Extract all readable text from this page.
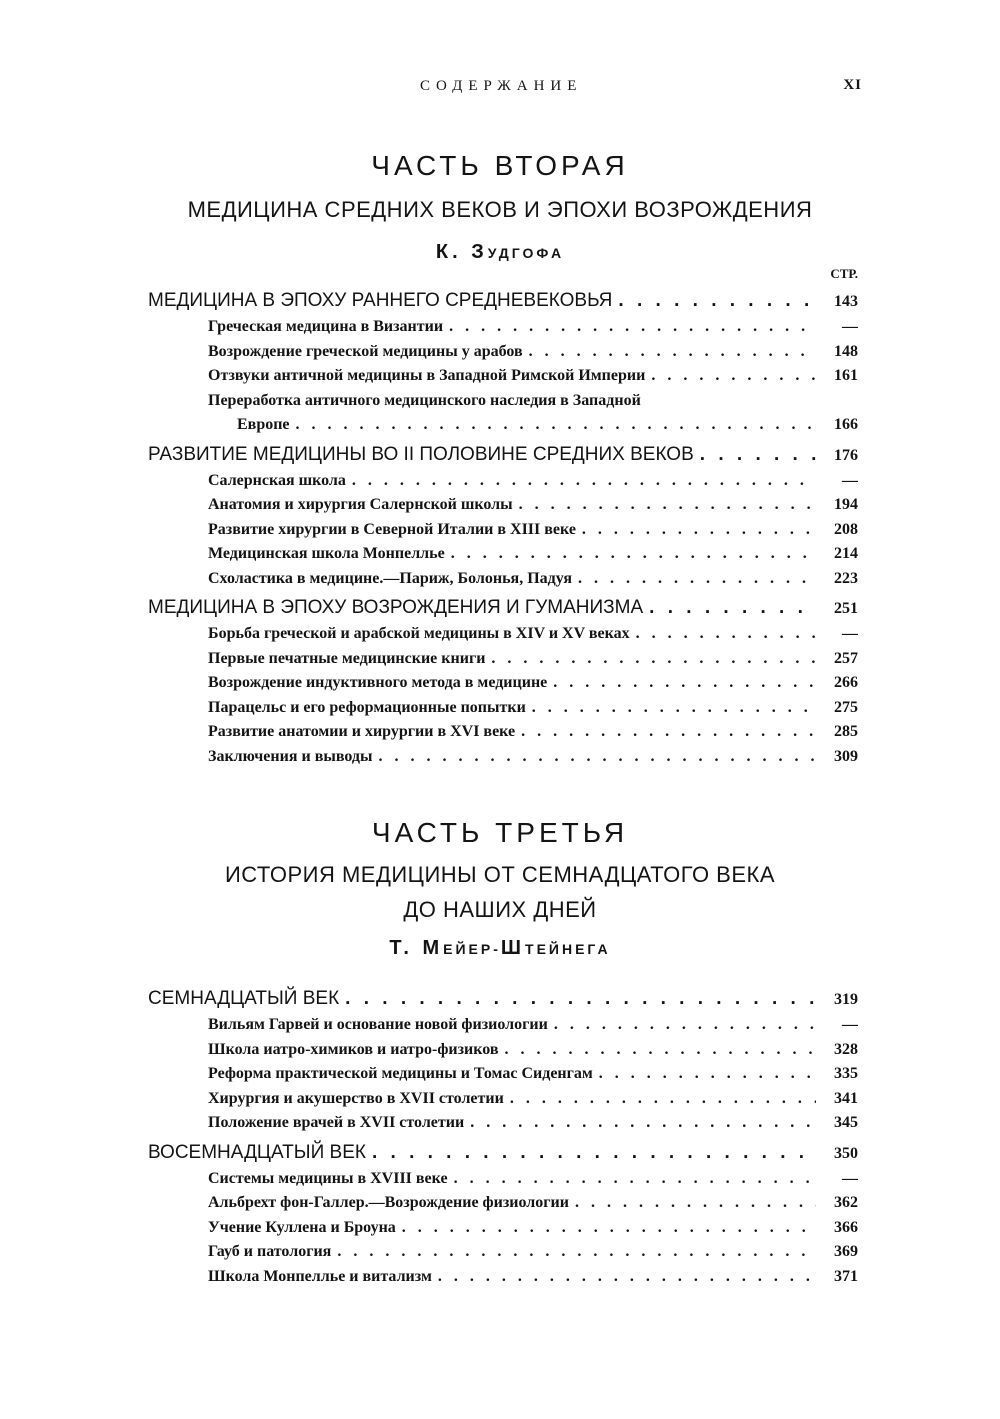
СОДЕРЖАНИЕ	XI
ЧАСТЬ ВТОРАЯ
МЕДИЦИНА СРЕДНИХ ВЕКОВ И ЭПОХИ ВОЗРОЖДЕНИЯ
К. ЗУДГОФА
СТР.
МЕДИЦИНА В ЭПОХУ РАННЕГО СРЕДНЕВЕКОВЬЯ . . .	143
Греческая медицина в Византии . . .	—
Возрождение греческой медицины у арабов . . .	148
Отзвуки античной медицины в Западной Римской Империи . . .	161
Переработка античного медицинского наследия в Западной
Европе . . .	166
РАЗВИТИЕ МЕДИЦИНЫ ВО II ПОЛОВИНЕ СРЕДНИХ ВЕКОВ . . .	176
Салернская школа . . .	—
Анатомия и хирургия Салернской школы . . .	194
Развитие хирургии в Северной Италии в XIII веке . . .	208
Медицинская школа Монпеллье . . .	214
Схоластика в медицине.—Париж, Болонья, Падуя . . .	223
МЕДИЦИНА В ЭПОХУ ВОЗРОЖДЕНИЯ И ГУМАНИЗМА . . .	251
Борьба греческой и арабской медицины в XIV и XV веках . . .	—
Первые печатные медицинские книги . . .	257
Возрождение индуктивного метода в медицине . . .	266
Парацельс и его реформационные попытки . . .	275
Развитие анатомии и хирургии в XVI веке . . .	285
Заключения и выводы . . .	309
ЧАСТЬ ТРЕТЬЯ
ИСТОРИЯ МЕДИЦИНЫ ОТ СЕМНАДЦАТОГО ВЕКА
ДО НАШИХ ДНЕЙ
Т. МЕЙЕР-ШТЕЙНЕГА
СЕМНАДЦАТЫЙ ВЕК . . .	319
Вильям Гарвей и основание новой физиологии . . .	—
Школа иатро-химиков и иатро-физиков . . .	328
Реформа практической медицины и Томас Сиденгам . . .	335
Хирургия и акушерство в XVII столетии . . .	341
Положение врачей в XVII столетии . . .	345
ВОСЕМНАДЦАТЫЙ ВЕК . . .	350
Системы медицины в XVIII веке . . .	—
Альбрехт фон-Галлер.—Возрождение физиологии . . .	362
Учение Куллена и Броуна . . .	366
Гауб и патология . . .	369
Школа Монпеллье и витализм . . .	371
